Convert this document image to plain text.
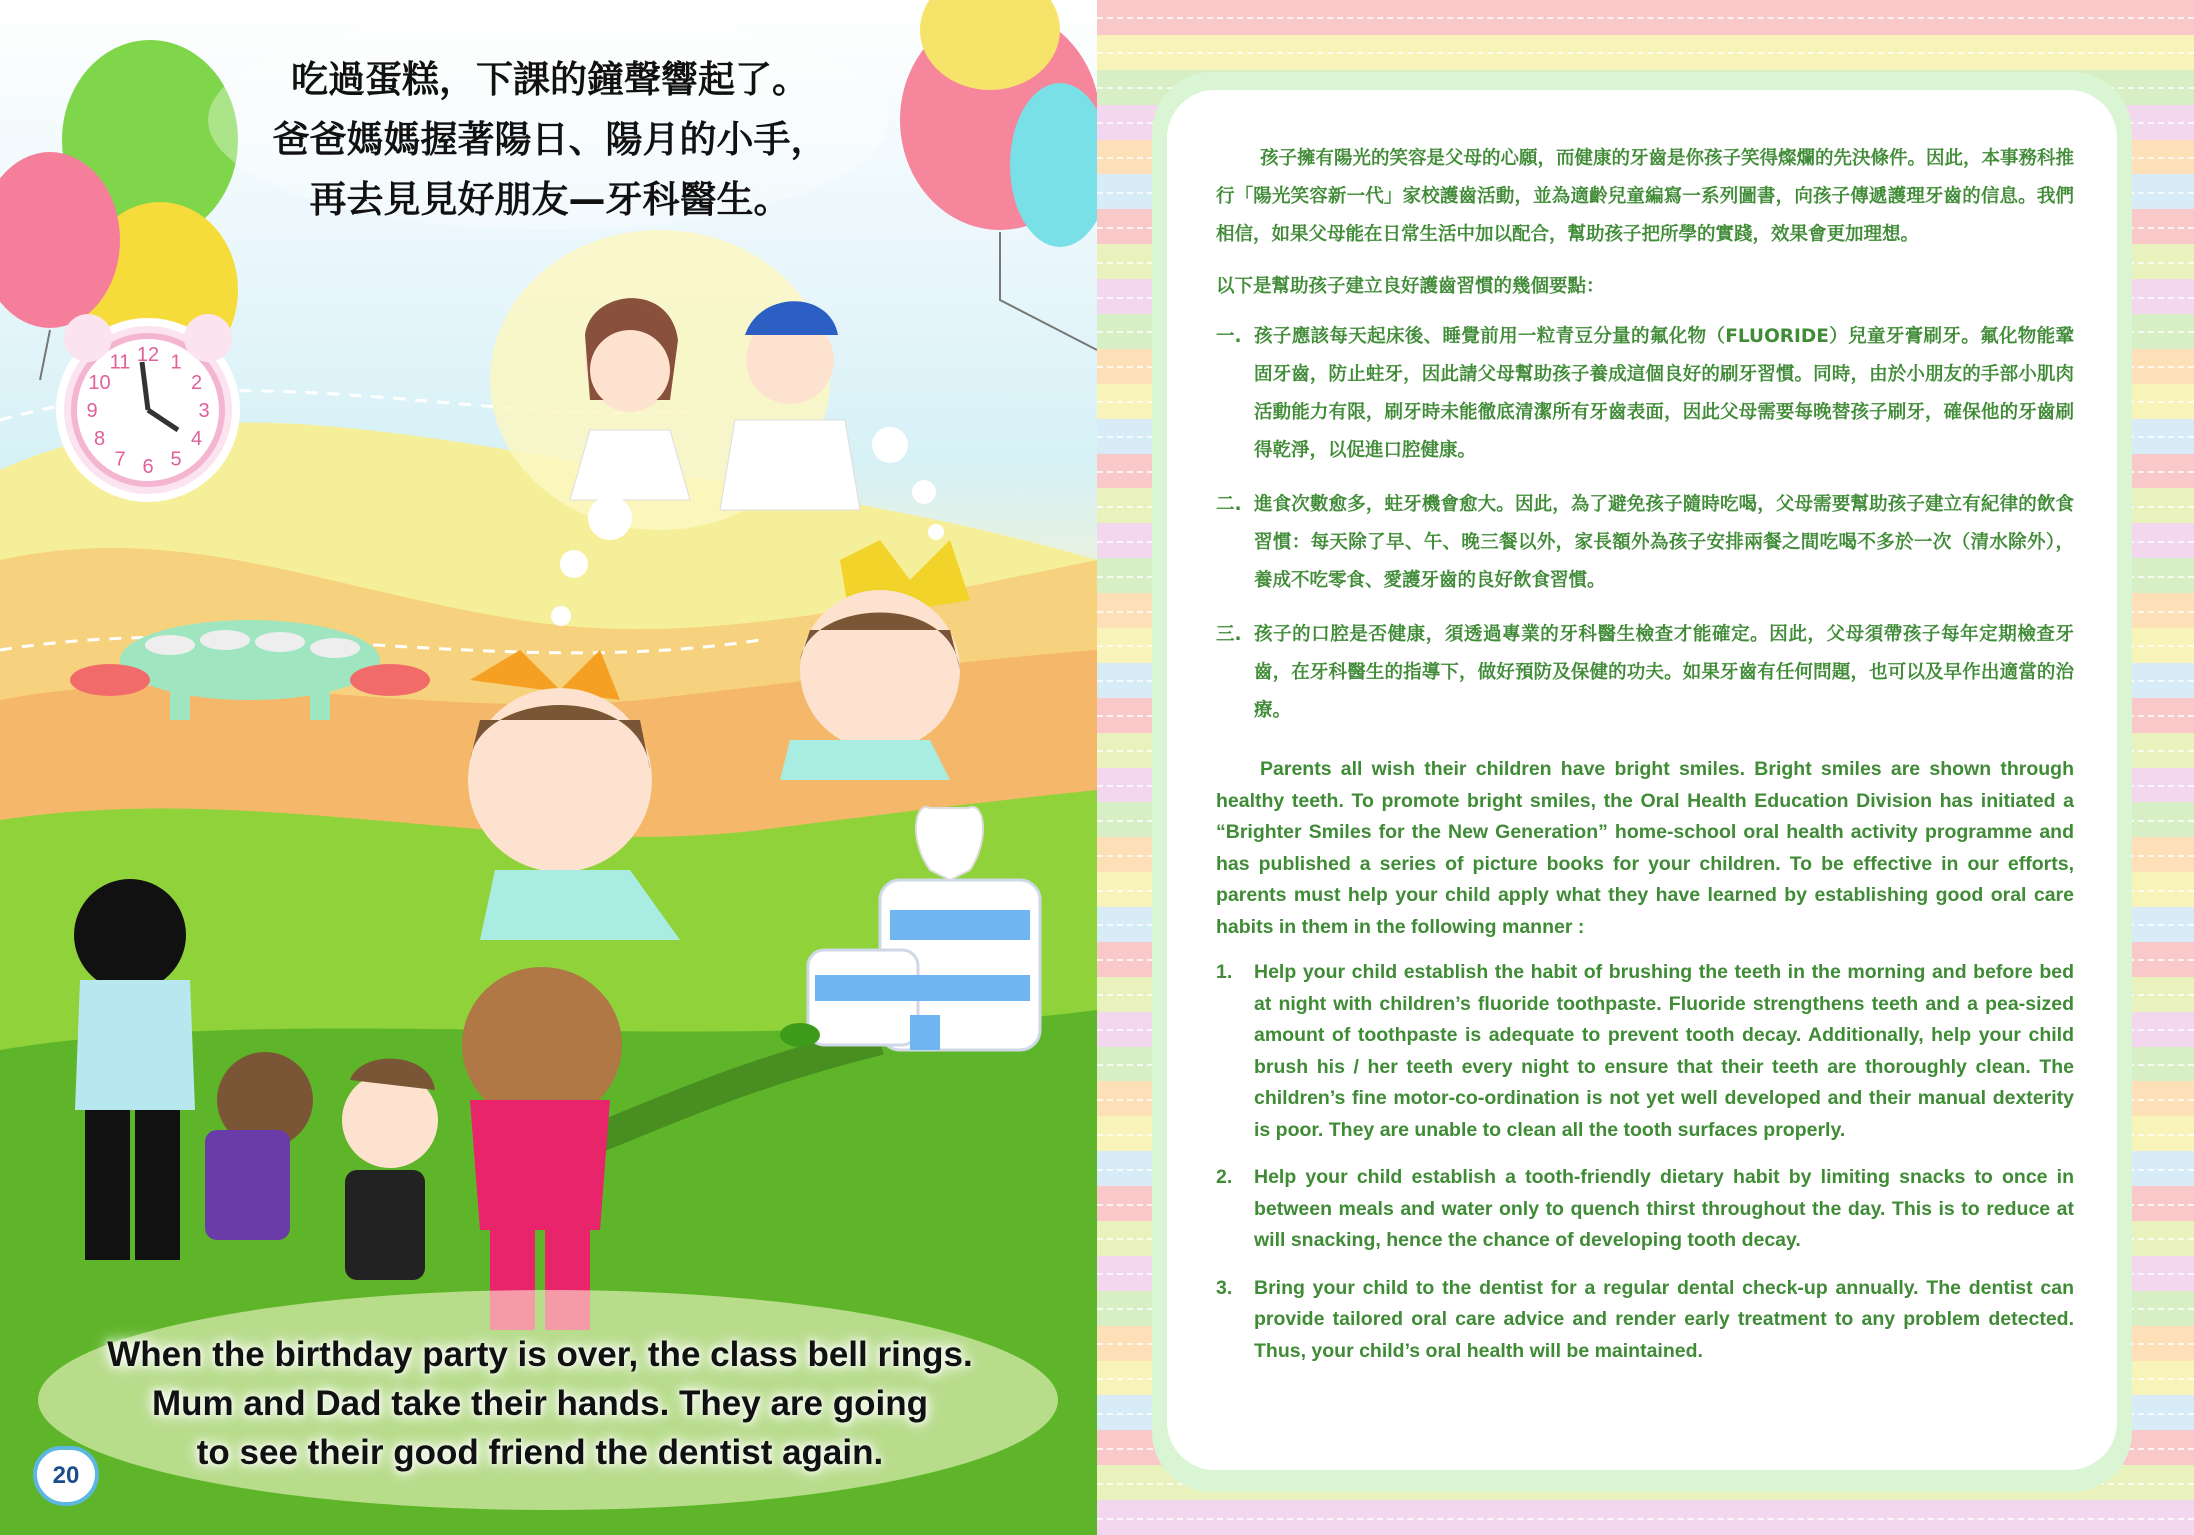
12 1
2
3
4
5
6
7
8
9
10
11
吃過蛋糕，下課的鐘聲響起了。
爸爸媽媽握著陽日、陽月的小手，
再去見見好朋友—牙科醫生。
When the birthday party is over, the class bell rings.
Mum and Dad take their hands. They are going
to see their good friend the dentist again.
20

孩子擁有陽光的笑容是父母的心願，而健康的牙齒是你孩子笑得燦爛的先決條件。因此，本事務科推行「陽光笑容新一代」家校護齒活動，並為適齡兒童編寫一系列圖書，向孩子傳遞護理牙齒的信息。我們相信，如果父母能在日常生活中加以配合，幫助孩子把所學的實踐，效果會更加理想。

以下是幫助孩子建立良好護齒習慣的幾個要點：

一. 孩子應該每天起床後、睡覺前用一粒青豆分量的氟化物（FLUORIDE）兒童牙膏刷牙。氟化物能鞏固牙齒，防止蛀牙，因此請父母幫助孩子養成這個良好的刷牙習慣。同時，由於小朋友的手部小肌肉活動能力有限，刷牙時未能徹底清潔所有牙齒表面，因此父母需要每晚替孩子刷牙，確保他的牙齒刷得乾淨，以促進口腔健康。
二. 進食次數愈多，蛀牙機會愈大。因此，為了避免孩子隨時吃喝，父母需要幫助孩子建立有紀律的飲食習慣：每天除了早、午、晚三餐以外，家長額外為孩子安排兩餐之間吃喝不多於一次（清水除外），養成不吃零食、愛護牙齒的良好飲食習慣。
三. 孩子的口腔是否健康，須透過專業的牙科醫生檢查才能確定。因此，父母須帶孩子每年定期檢查牙齒，在牙科醫生的指導下，做好預防及保健的功夫。如果牙齒有任何問題，也可以及早作出適當的治療。

Parents all wish their children have bright smiles. Bright smiles are shown through healthy teeth. To promote bright smiles, the Oral Health Education Division has initiated a “Brighter Smiles for the New Generation” home-school oral health activity programme and has published a series of picture books for your children. To be effective in our efforts, parents must help your child apply what they have learned by establishing good oral care habits in them in the following manner :

1.	Help your child establish the habit of brushing the teeth in the morning and before bed at night with children’s fluoride toothpaste. Fluoride strengthens teeth and a pea-sized amount of toothpaste is adequate to prevent tooth decay. Additionally, help your child brush his / her teeth every night to ensure that their teeth are thoroughly clean. The children’s fine motor-co-ordination is not yet well developed and their manual dexterity is poor. They are unable to clean all the tooth surfaces properly.
2.	Help your child establish a tooth-friendly dietary habit by limiting snacks to once in between meals and water only to quench thirst throughout the day. This is to reduce at will snacking, hence the chance of developing tooth decay.
3.	Bring your child to the dentist for a regular dental check-up annually. The dentist can provide tailored oral care advice and render early treatment to any problem detected. Thus, your child’s oral health will be maintained.
